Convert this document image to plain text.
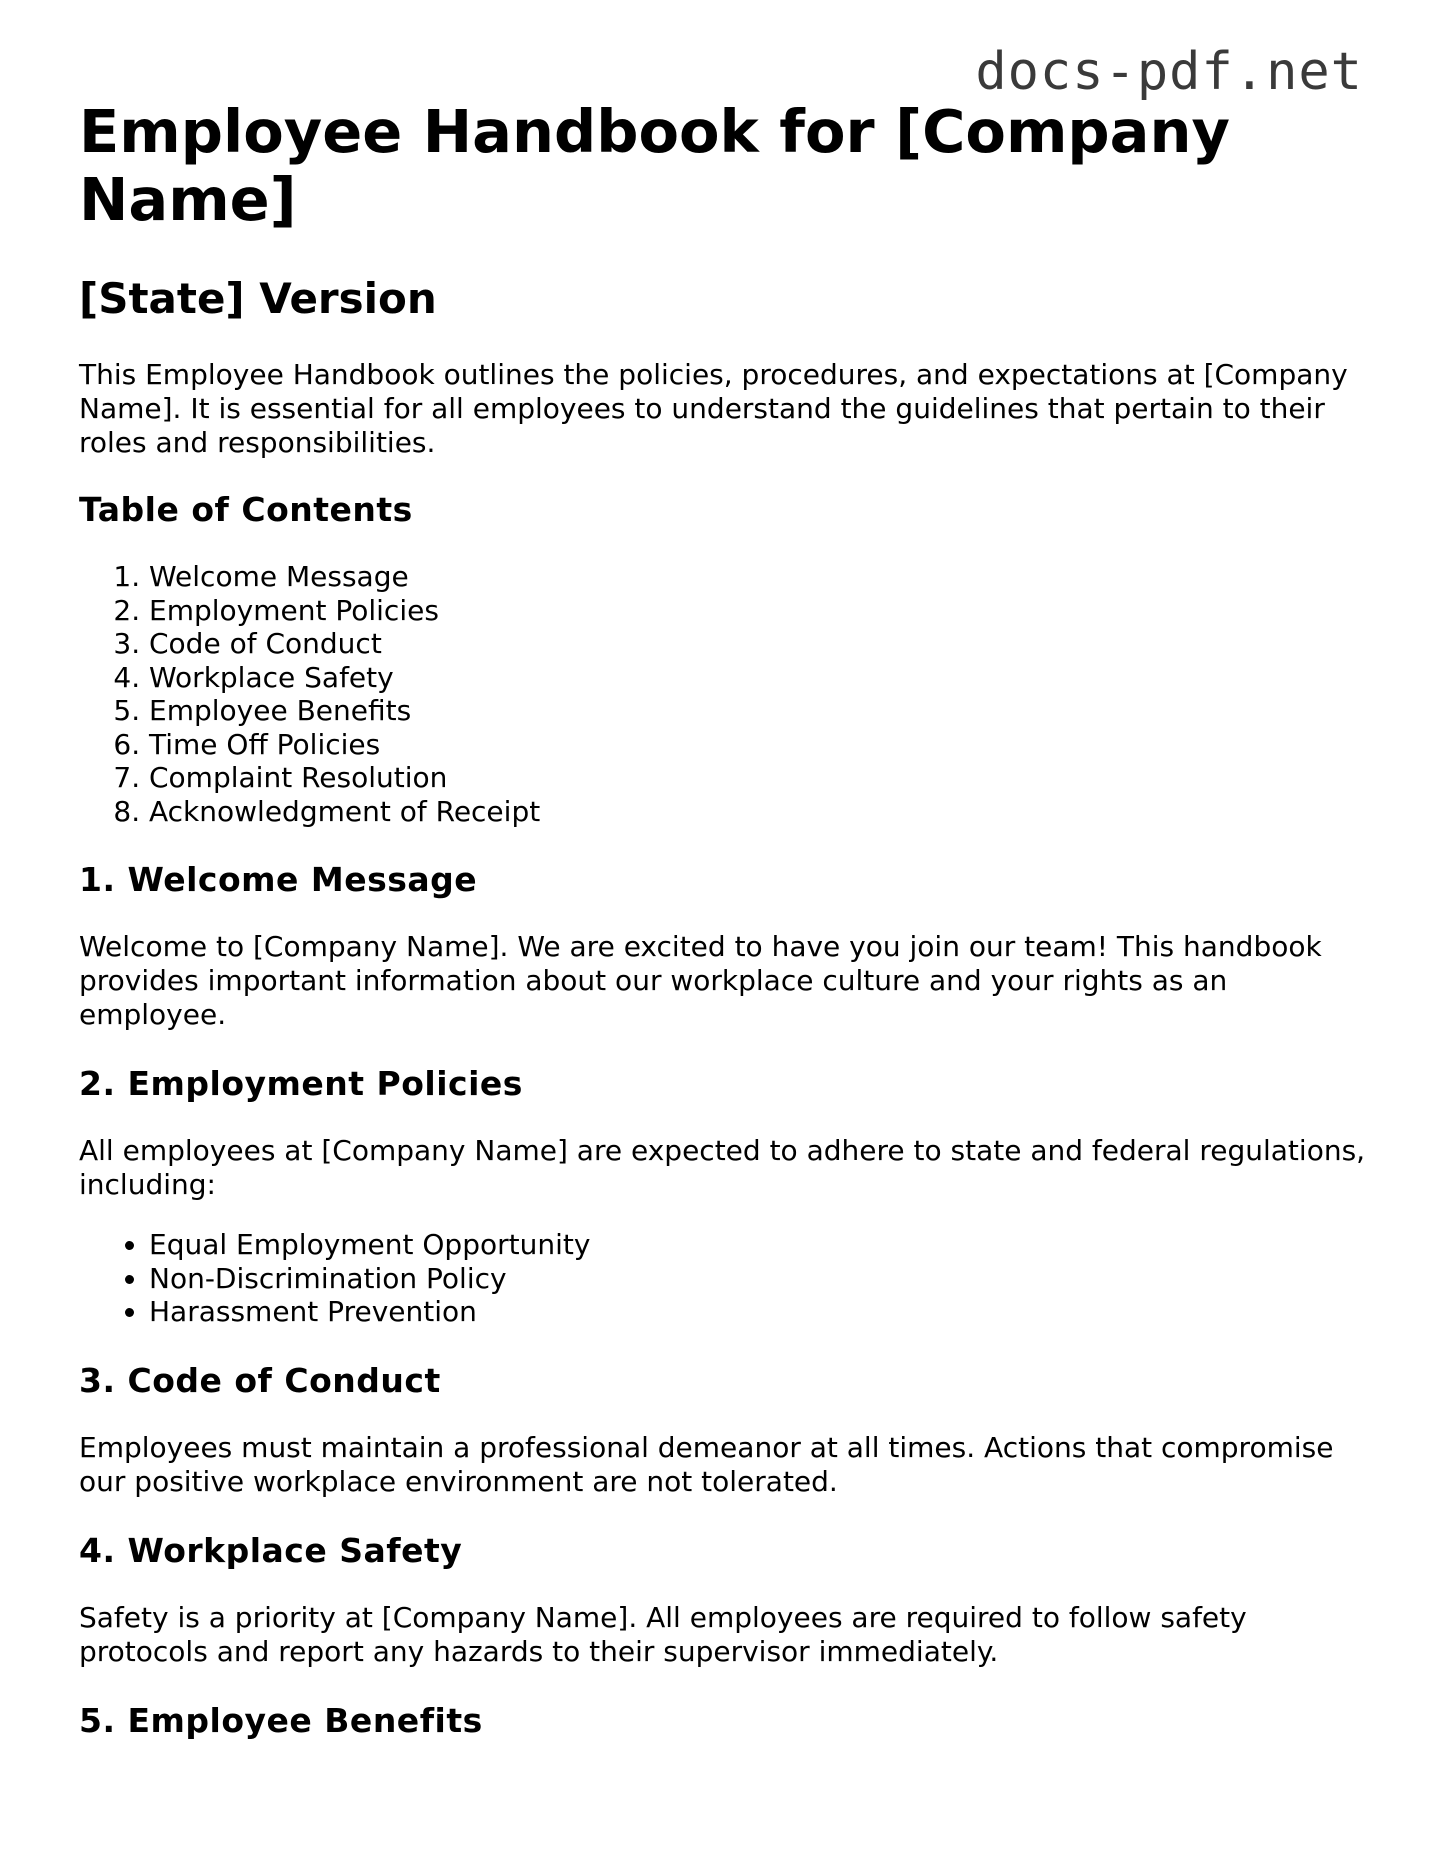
docs-pdf.net
Employee Handbook for [Company Name]
[State] Version

This Employee Handbook outlines the policies, procedures, and expectations at [Company Name]. It is essential for all employees to understand the guidelines that pertain to their roles and responsibilities.

Table of Contents
1. Welcome Message
2. Employment Policies
3. Code of Conduct
4. Workplace Safety
5. Employee Benefits
6. Time Off Policies
7. Complaint Resolution
8. Acknowledgment of Receipt
1. Welcome Message

Welcome to [Company Name]. We are excited to have you join our team! This handbook provides important information about our workplace culture and your rights as an employee.

2. Employment Policies

All employees at [Company Name] are expected to adhere to state and federal regulations, including:

• Equal Employment Opportunity
• Non-Discrimination Policy
• Harassment Prevention
3. Code of Conduct

Employees must maintain a professional demeanor at all times. Actions that compromise our positive workplace environment are not tolerated.

4. Workplace Safety

Safety is a priority at [Company Name]. All employees are required to follow safety protocols and report any hazards to their supervisor immediately.

5. Employee Benefits
